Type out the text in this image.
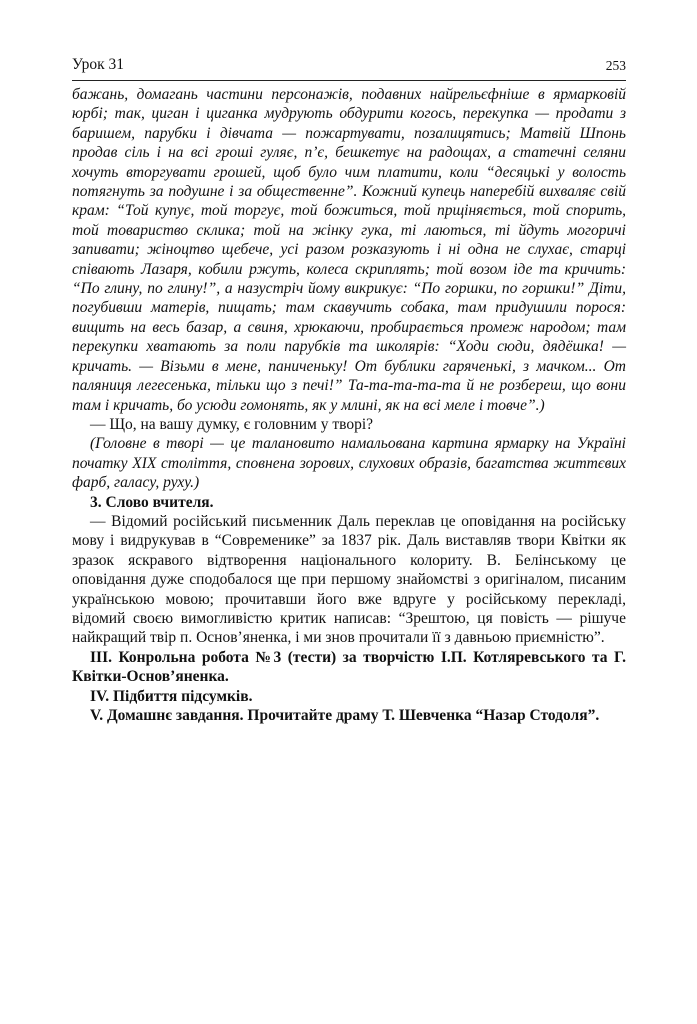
Урок 31	253

бажань, домагань частини персонажів, подавних найрельєфніше в ярмарковій юрбі; так, циган і циганка мудрують обдурити когось, перекупка — продати з баришем, парубки і дівчата — пожартувати, позалицятись; Матвій Шпонь продав сіль і на всі гроші гуляє, п’є, бешкетує на радощах, а статечні селяни хочуть вторгувати грошей, щоб було чим платити, коли “десяцькі у волость потягнуть за подушне і за общественне”. Кожний купець наперебій вихваляє свій крам: “Той купує, той торгує, той божиться, той прщіняється, той спорить, той товариство склика; той на жінку гука, ті лаються, ті йдуть могоричі запивати; жіноцтво щебече, усі разом розказують і ні одна не слухає, старці співають Лазаря, кобили ржуть, колеса скриплять; той возом іде та кричить: “По глину, по глину!”, а назустріч йому викрикує: “По горшки, по горшки!” Діти, погубивши матерів, пищать; там скавучить собака, там придушили порося: вищить на весь базар, а свиня, хрюкаючи, пробирається промеж народом; там перекупки хватають за поли парубків та школярів: “Ходи сюди, дядёшка! — кричать. — Візьми в мене, паниченьку! От бублики гаряченькі, з мачком... От паляниця легесенька, тільки що з печі!” Та-та-та-та-та й не розбереш, що вони там і кричать, бо усюди гомонять, як у млині, як на всі меле і товче”.)

— Що, на вашу думку, є головним у творі?

(Головне в творі — це талановито намальована картина ярмарку на Україні початку XIX століття, сповнена зорових, слухових образів, багатства життєвих фарб, галасу, руху.)

3. Слово вчителя.

— Відомий російський письменник Даль переклав це оповідання на російську мову і видрукував в “Современике” за 1837 рік. Даль виставляв твори Квітки як зразок яскравого відтворення національного колориту. В. Белінському це оповідання дуже сподобалося ще при першому знайомстві з оригіналом, писаним українською мовою; прочитавши його вже вдруге у російському перекладі, відомий своєю вимогливістю критик написав: “Зрештою, ця повість — рішуче найкращий твір п. Основ’яненка, і ми знов прочитали її з давньою приємністю”.

III. Конрольна робота №3 (тести) за творчістю І.П. Котляревського та Г. Квітки-Основ’яненка.

IV. Підбиття підсумків.

V. Домашнє завдання. Прочитайте драму Т. Шевченка “Назар Стодоля”.
